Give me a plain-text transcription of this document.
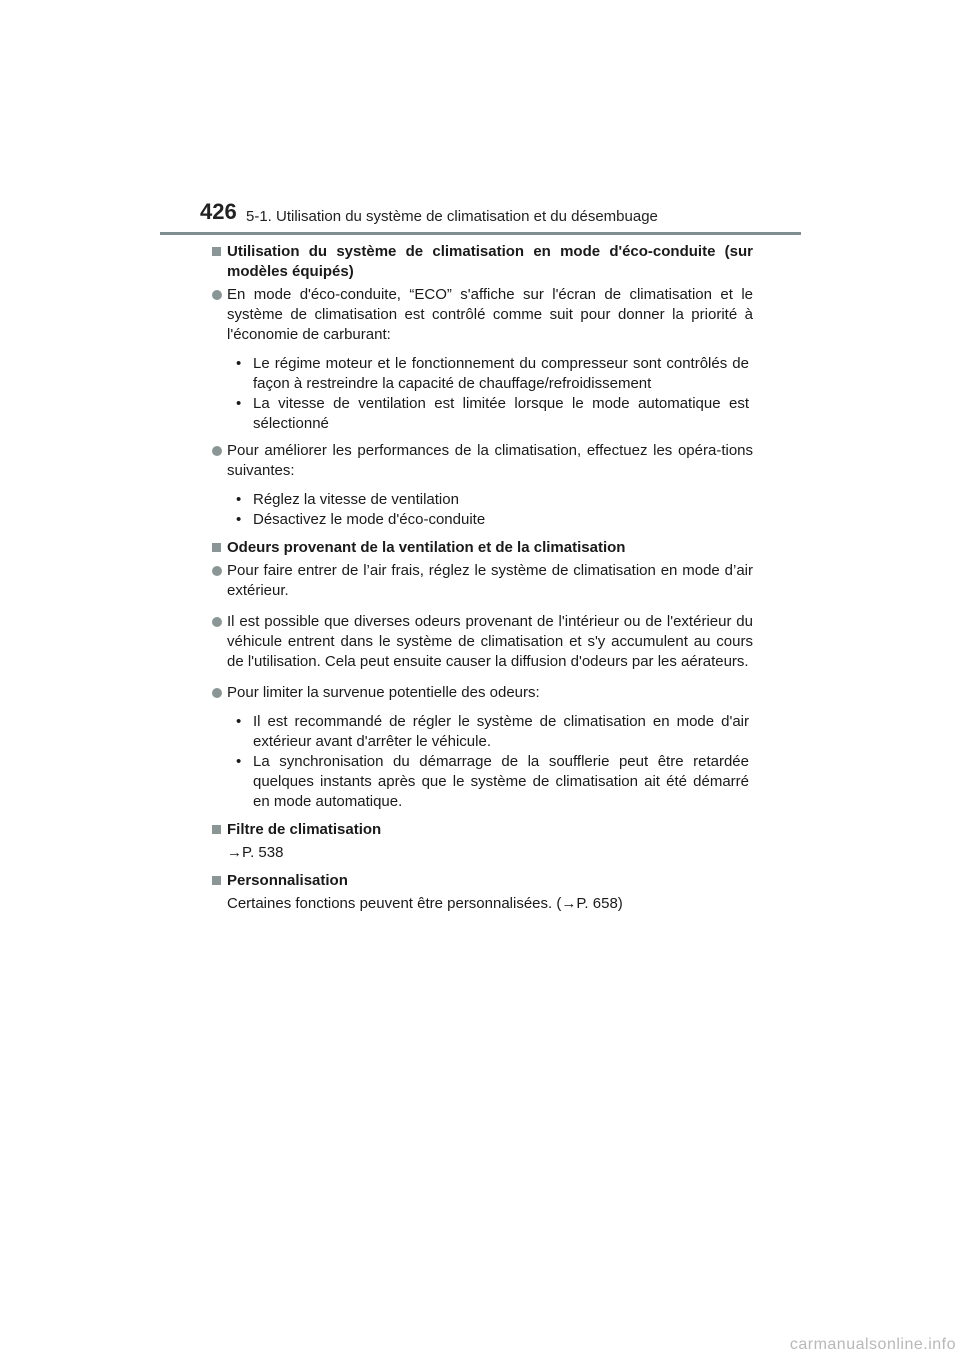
426 5-1. Utilisation du système de climatisation et du désembuage
Utilisation du système de climatisation en mode d'éco-conduite (sur modèles équipés)
En mode d'éco-conduite, “ECO” s'affiche sur l'écran de climatisation et le système de climatisation est contrôlé comme suit pour donner la priorité à l'économie de carburant:
• Le régime moteur et le fonctionnement du compresseur sont contrôlés de façon à restreindre la capacité de chauffage/refroidissement
• La vitesse de ventilation est limitée lorsque le mode automatique est sélectionné
Pour améliorer les performances de la climatisation, effectuez les opéra-tions suivantes:
• Réglez la vitesse de ventilation
• Désactivez le mode d'éco-conduite
Odeurs provenant de la ventilation et de la climatisation
Pour faire entrer de l’air frais, réglez le système de climatisation en mode d’air extérieur.
Il est possible que diverses odeurs provenant de l'intérieur ou de l'extérieur du véhicule entrent dans le système de climatisation et s'y accumulent au cours de l'utilisation. Cela peut ensuite causer la diffusion d'odeurs par les aérateurs.
Pour limiter la survenue potentielle des odeurs:
• Il est recommandé de régler le système de climatisation en mode d'air extérieur avant d'arrêter le véhicule.
• La synchronisation du démarrage de la soufflerie peut être retardée quelques instants après que le système de climatisation ait été démarré en mode automatique.
Filtre de climatisation
→P. 538
Personnalisation
Certaines fonctions peuvent être personnalisées. (→P. 658)
carmanualsonline.info
